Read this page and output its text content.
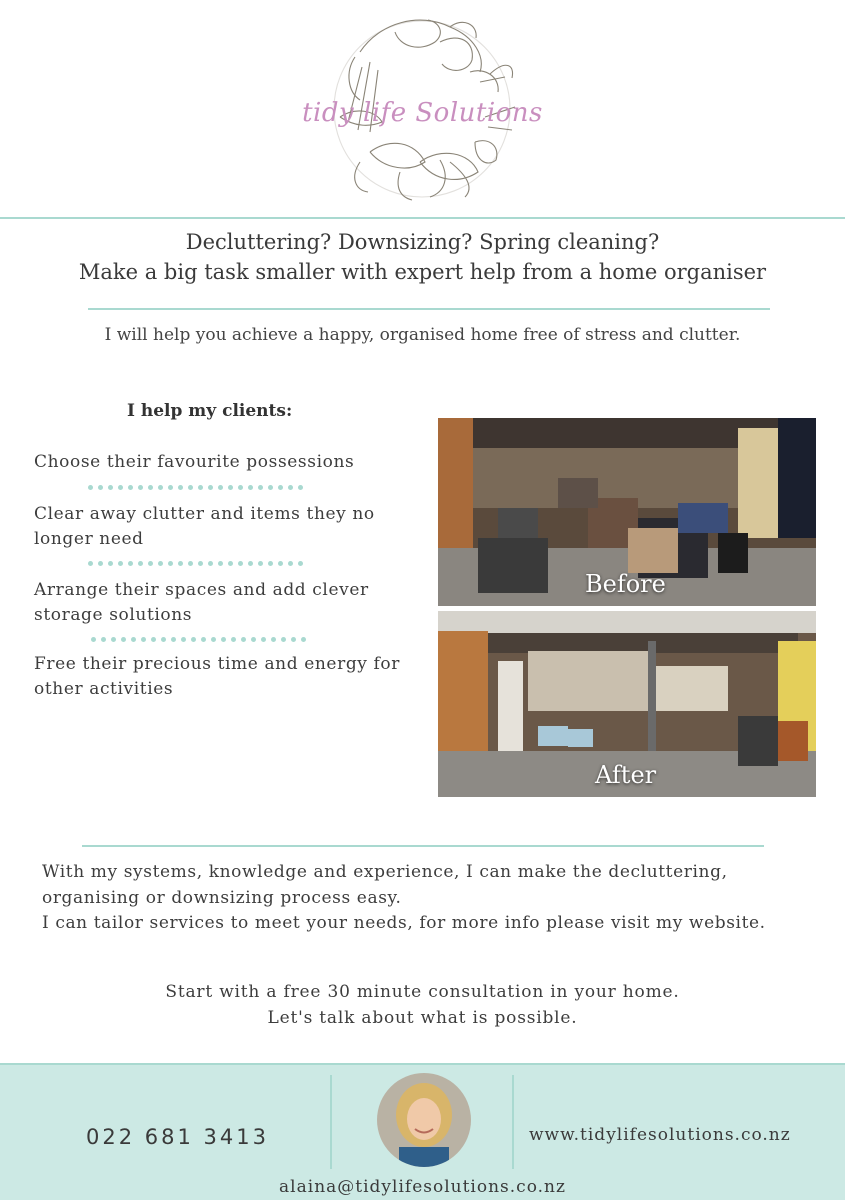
tidy life Solutions
Decluttering? Downsizing? Spring cleaning?
Make a big task smaller with expert help from a home organiser
I will help you achieve a happy, organised home free of stress and clutter.
I help my clients:
Choose their favourite possessions
Clear away clutter and items they no longer need
Arrange their spaces and add clever storage solutions
Free their precious time and energy for other activities
Before
After
With my systems, knowledge and experience, I can make the decluttering, organising or downsizing process easy.
I can tailor services to meet your needs, for more info please visit my website.
Start with a free 30 minute consultation in your home.
Let's talk about what is possible.
022 681 3413	www.tidylifesolutions.co.nz
alaina@tidylifesolutions.co.nz
